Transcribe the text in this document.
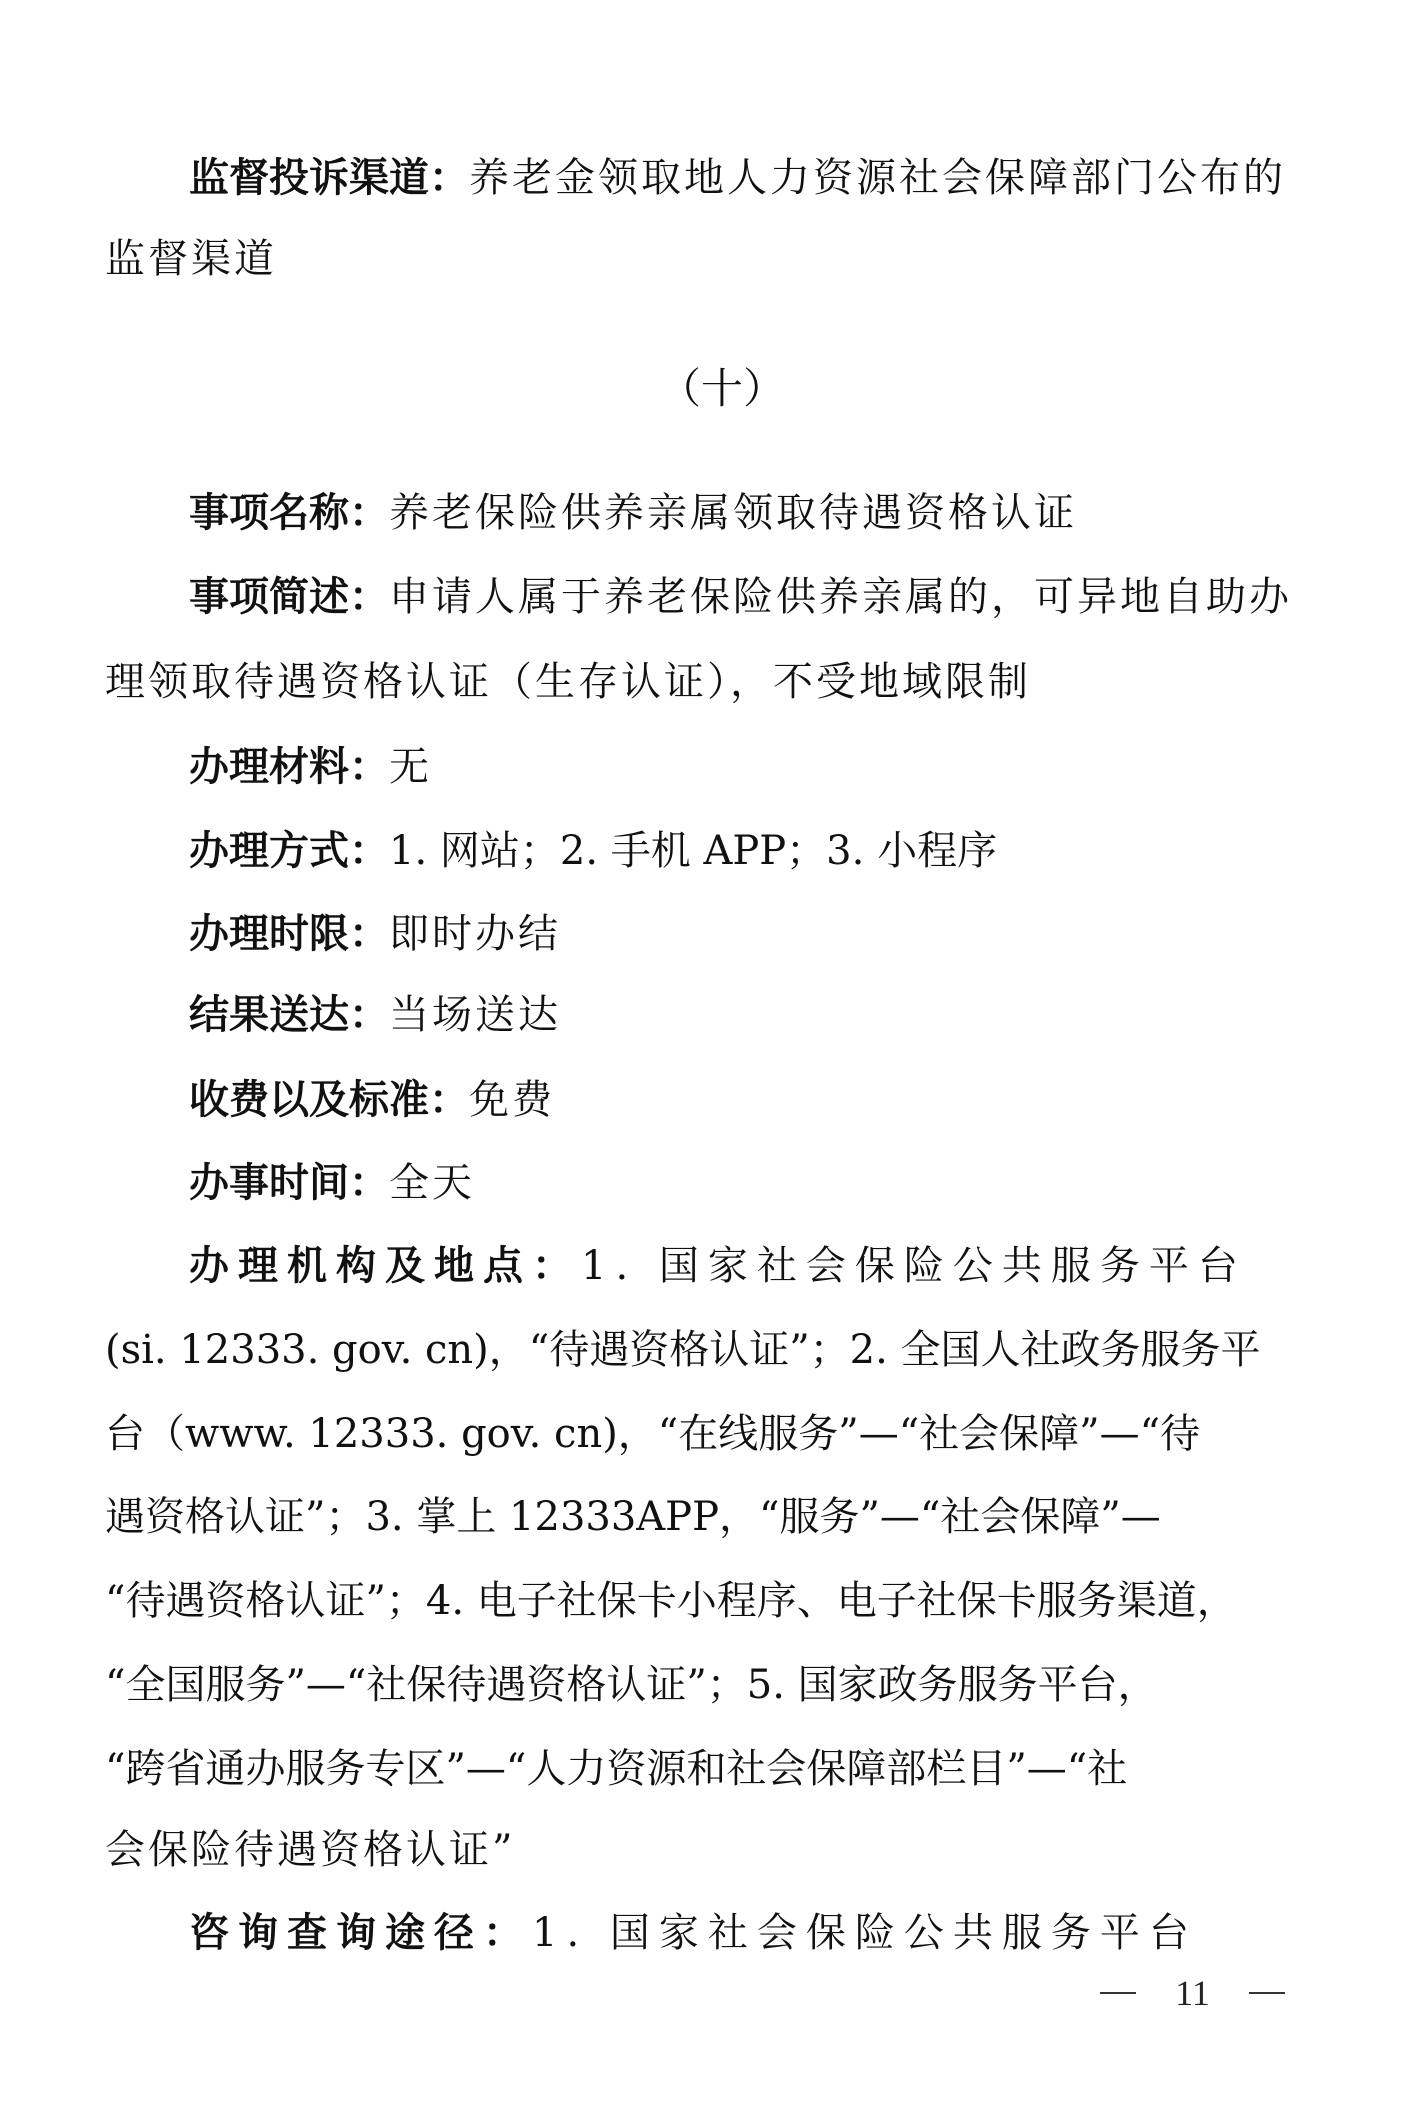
监督投诉渠道：养老金领取地人力资源社会保障部门公布的
监督渠道
（十）
事项名称：养老保险供养亲属领取待遇资格认证
事项简述：申请人属于养老保险供养亲属的，可异地自助办
理领取待遇资格认证（生存认证），不受地域限制
办理材料：无
办理方式：1. 网站；2. 手机 APP；3. 小程序
办理时限：即时办结
结果送达：当场送达
收费以及标准：免费
办事时间：全天
办理机构及地点：1. 国家社会保险公共服务平台
(si. 12333. gov. cn)，“待遇资格认证”；2. 全国人社政务服务平
台（www. 12333. gov. cn)，“在线服务”—“社会保障”—“待
遇资格认证”；3. 掌上 12333APP，“服务”—“社会保障”—
“待遇资格认证”；4. 电子社保卡小程序、电子社保卡服务渠道，
“全国服务”—“社保待遇资格认证”；5. 国家政务服务平台，
“跨省通办服务专区”—“人力资源和社会保障部栏目”—“社
会保险待遇资格认证”
咨询查询途径：1. 国家社会保险公共服务平台
11
